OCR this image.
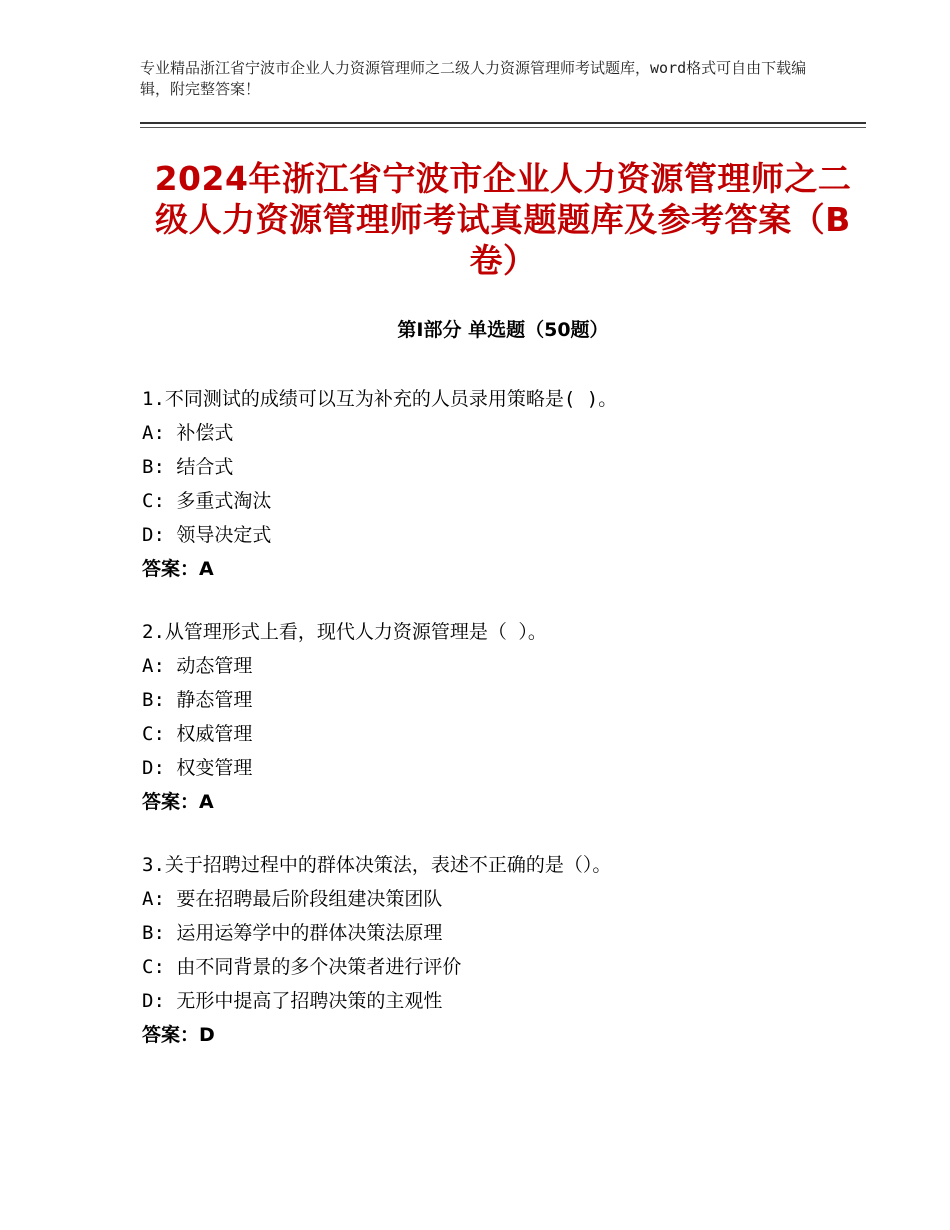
专业精品浙江省宁波市企业人力资源管理师之二级人力资源管理师考试题库，word格式可自由下载编辑，附完整答案！
2024年浙江省宁波市企业人力资源管理师之二级人力资源管理师考试真题题库及参考答案（B卷）
第Ⅰ部分 单选题（50题）
1.不同测试的成绩可以互为补充的人员录用策略是( )。
A: 补偿式
B: 结合式
C: 多重式淘汰
D: 领导决定式
答案：A
2.从管理形式上看，现代人力资源管理是（ ）。
A: 动态管理
B: 静态管理
C: 权威管理
D: 权变管理
答案：A
3.关于招聘过程中的群体决策法，表述不正确的是（）。
A: 要在招聘最后阶段组建决策团队
B: 运用运筹学中的群体决策法原理
C: 由不同背景的多个决策者进行评价
D: 无形中提高了招聘决策的主观性
答案：D
